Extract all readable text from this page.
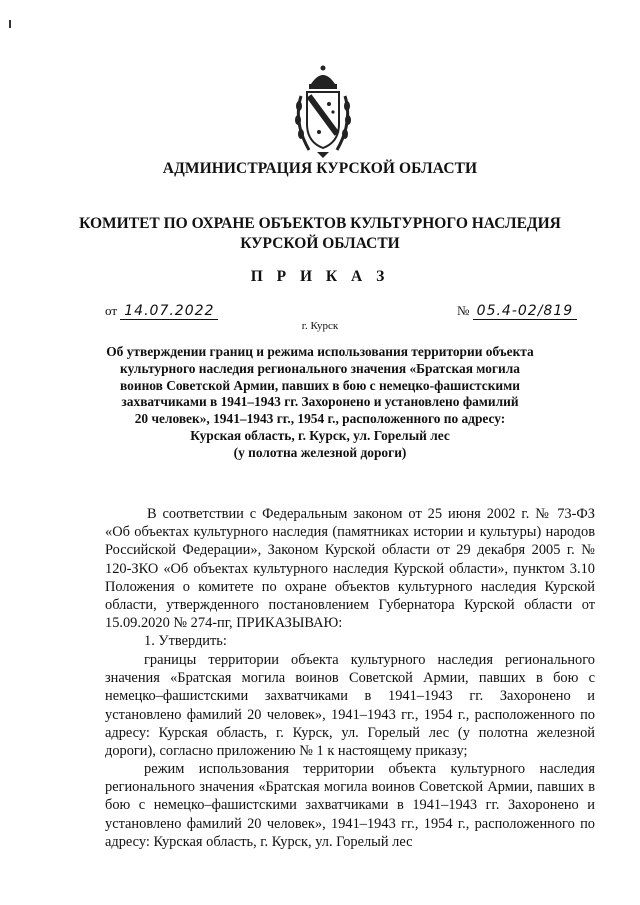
АДМИНИСТРАЦИЯ КУРСКОЙ ОБЛАСТИ
КОМИТЕТ ПО ОХРАНЕ ОБЪЕКТОВ КУЛЬТУРНОГО НАСЛЕДИЯ
КУРСКОЙ ОБЛАСТИ
П Р И К А З
от 14.07.2022	№ 05.4-02/819
г. Курск
Об утверждении границ и режима использования территории объекта
культурного наследия регионального значения «Братская могила
воинов Советской Армии, павших в бою с немецко-фашистскими
захватчиками в 1941–1943 гг. Захоронено и установлено фамилий
20 человек», 1941–1943 гг., 1954 г., расположенного по адресу:
Курская область, г. Курск, ул. Горелый лес
(у полотна железной дороги)
В соответствии с Федеральным законом от 25 июня 2002 г. № 73-ФЗ «Об объектах культурного наследия (памятниках истории и культуры) народов Российской Федерации», Законом Курской области от 29 декабря 2005 г. № 120-ЗКО «Об объектах культурного наследия Курской области», пунктом 3.10 Положения о комитете по охране объектов культурного наследия Курской области, утвержденного постановлением Губернатора Курской области от 15.09.2020 № 274-пг, ПРИКАЗЫВАЮ:
1. Утвердить:
границы территории объекта культурного наследия регионального значения «Братская могила воинов Советской Армии, павших в бою с немецко–фашистскими захватчиками в 1941–1943 гг. Захоронено и установлено фамилий 20 человек», 1941–1943 гг., 1954 г., расположенного по адресу: Курская область, г. Курск, ул. Горелый лес (у полотна железной дороги), согласно приложению № 1 к настоящему приказу;
режим использования территории объекта культурного наследия регионального значения «Братская могила воинов Советской Армии, павших в бою с немецко–фашистскими захватчиками в 1941–1943 гг. Захоронено и установлено фамилий 20 человек», 1941–1943 гг., 1954 г., расположенного по адресу: Курская область, г. Курск, ул. Горелый лес
